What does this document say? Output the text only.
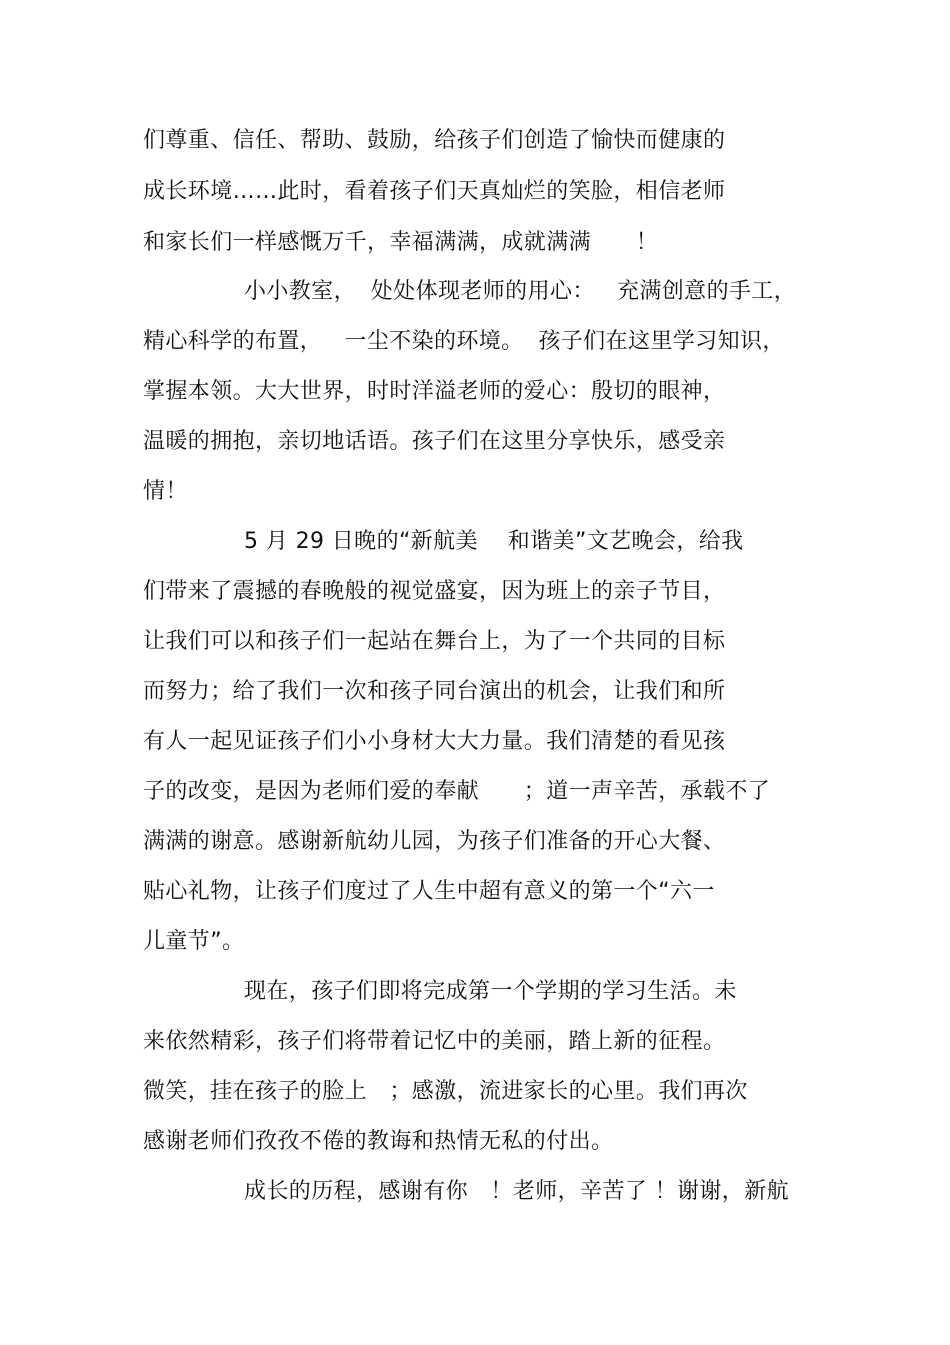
们尊重、信任、帮助、鼓励，给孩子们创造了愉快而健康的
成长环境……此时，看着孩子们天真灿烂的笑脸，相信老师
和家长们一样感慨万千，幸福满满，成就满满　　！
小小教室，  处处体现老师的用心：   充满创意的手工，
精心科学的布置，   一尘不染的环境。  孩子们在这里学习知识，
掌握本领。大大世界，时时洋溢老师的爱心：殷切的眼神，
温暖的拥抱，亲切地话语。孩子们在这里分享快乐，感受亲
情！
5 月 29 日晚的“新航美　 和谐美”文艺晚会，给我
们带来了震撼的春晚般的视觉盛宴，因为班上的亲子节目，
让我们可以和孩子们一起站在舞台上，为了一个共同的目标
而努力；给了我们一次和孩子同台演出的机会，让我们和所
有人一起见证孩子们小小身材大大力量。我们清楚的看见孩
子的改变，是因为老师们爱的奉献　　；道一声辛苦，承载不了
满满的谢意。感谢新航幼儿园，为孩子们准备的开心大餐、
贴心礼物，让孩子们度过了人生中超有意义的第一个“六一
儿童节”。
现在，孩子们即将完成第一个学期的学习生活。未
来依然精彩，孩子们将带着记忆中的美丽，踏上新的征程。
微笑，挂在孩子的脸上　；感激，流进家长的心里。我们再次
感谢老师们孜孜不倦的教诲和热情无私的付出。
成长的历程，感谢有你　！老师，辛苦了 ！谢谢，新航
